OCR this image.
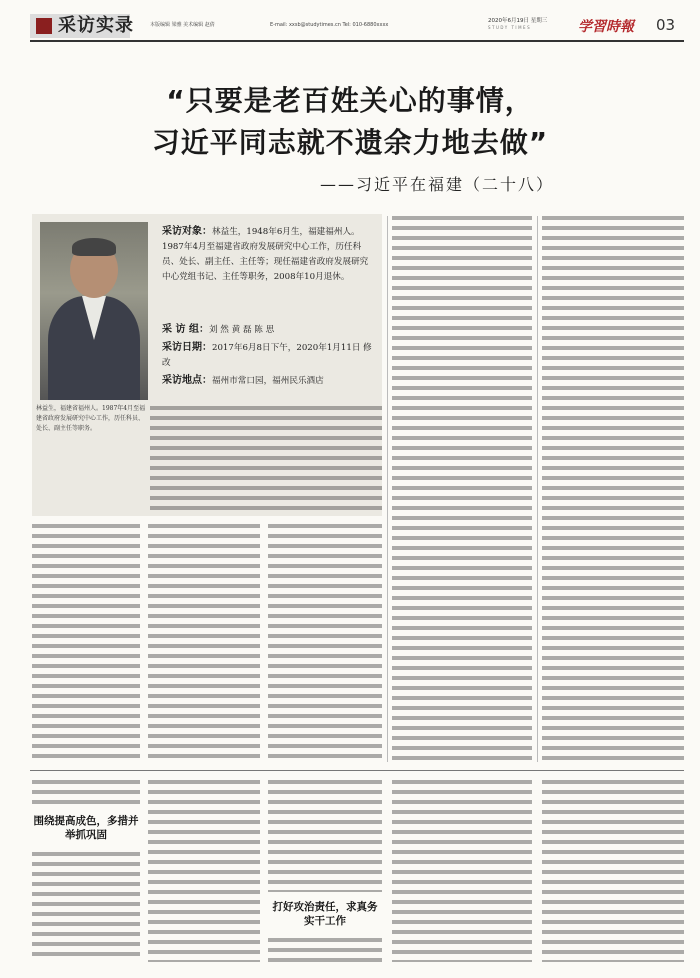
采访实录	本版编辑 梁雅 美术编辑 赵倩	E-mail: xxsb@studytimes.cn Tel: 010-6880xxxx
2020年6月19日 星期三
STUDY TIMES	学習時報 03
“只要是老百姓关心的事情，
习近平同志就不遗余力地去做”
——习近平在福建（二十八）
采访对象：林益生，1948年6月生，福建福州人。1987年4月至福建省政府发展研究中心工作，历任科员、处长、副主任、主任等；现任福建省政府发展研究中心党组书记、主任等职务，2008年10月退休。
采 访 组：刘 然 黄 磊 陈 思
采访日期：2017年6月8日下午，2020年1月11日 修改
采访地点：福州市常口园，福州民乐酒店
林益生，福建省福州人。1987年4月至福建省政府发展研究中心工作，历任科员、处长、副主任等职务。
围绕提高成色，多措并举抓巩固
打好攻治责任，求真务实干工作
